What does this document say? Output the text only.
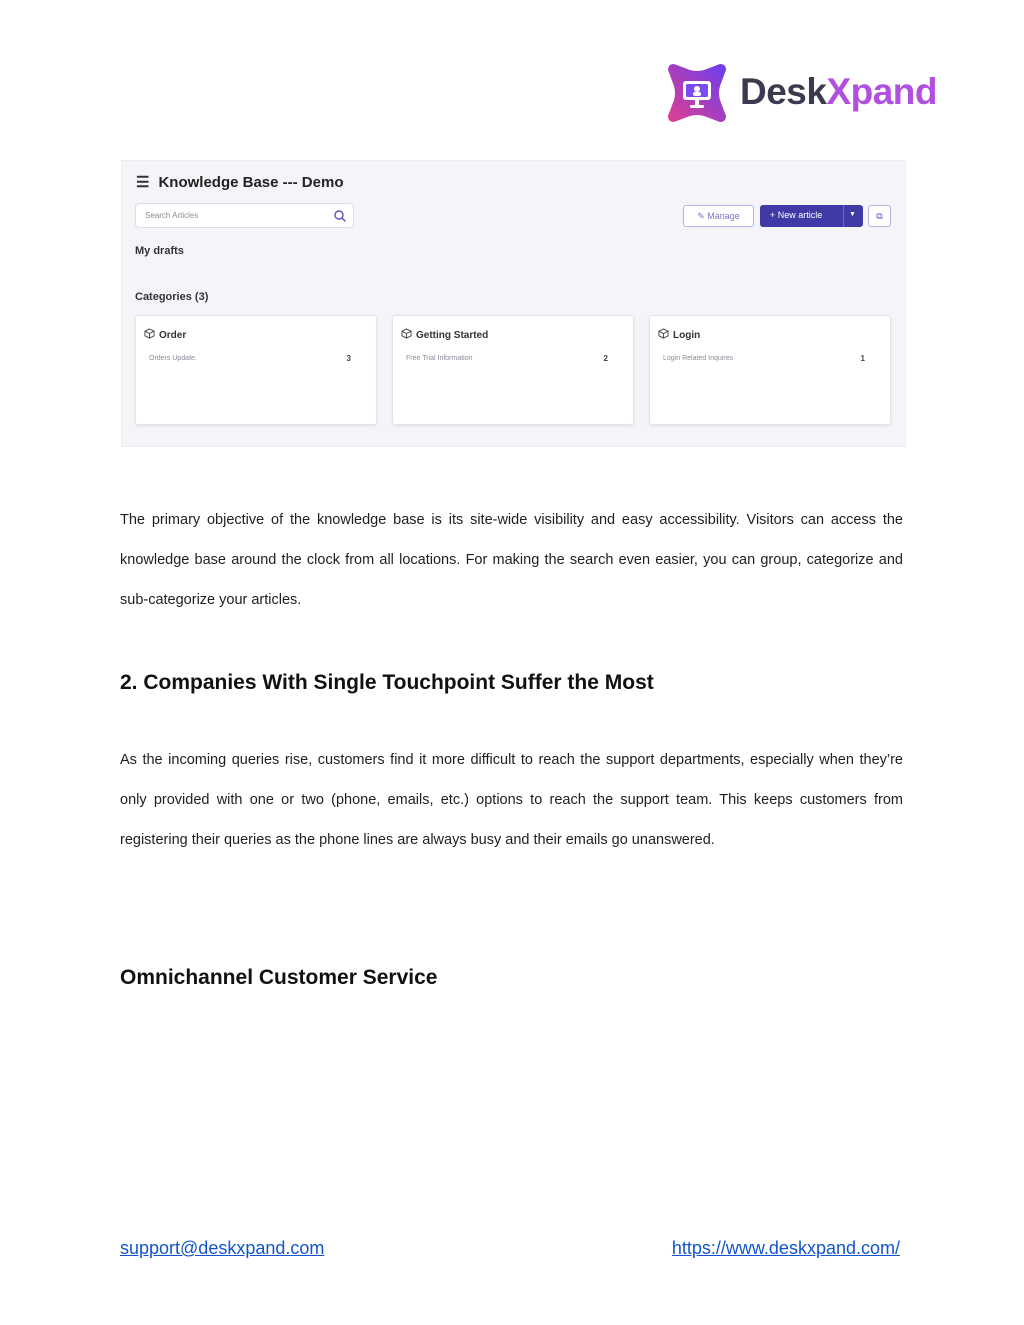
DeskXpand
☰ Knowledge Base --- Demo
Search Articles	✎ Manage	+ New article	▼	⧉
My drafts
Categories (3)
Order
Orders Update.	3
Getting Started
Free Trial Information	2
Login
Login Related Inquires	1

The primary objective of the knowledge base is its site-wide visibility and easy accessibility. Visitors can access the knowledge base around the clock from all locations. For making the search even easier, you can group, categorize and sub-categorize your articles.

2. Companies With Single Touchpoint Suffer the Most

As the incoming queries rise, customers find it more difficult to reach the support departments, especially when they’re only provided with one or two (phone, emails, etc.) options to reach the support team. This keeps customers from registering their queries as the phone lines are always busy and their emails go unanswered.

Omnichannel Customer Service
support@deskxpand.com	https://www.deskxpand.com/
